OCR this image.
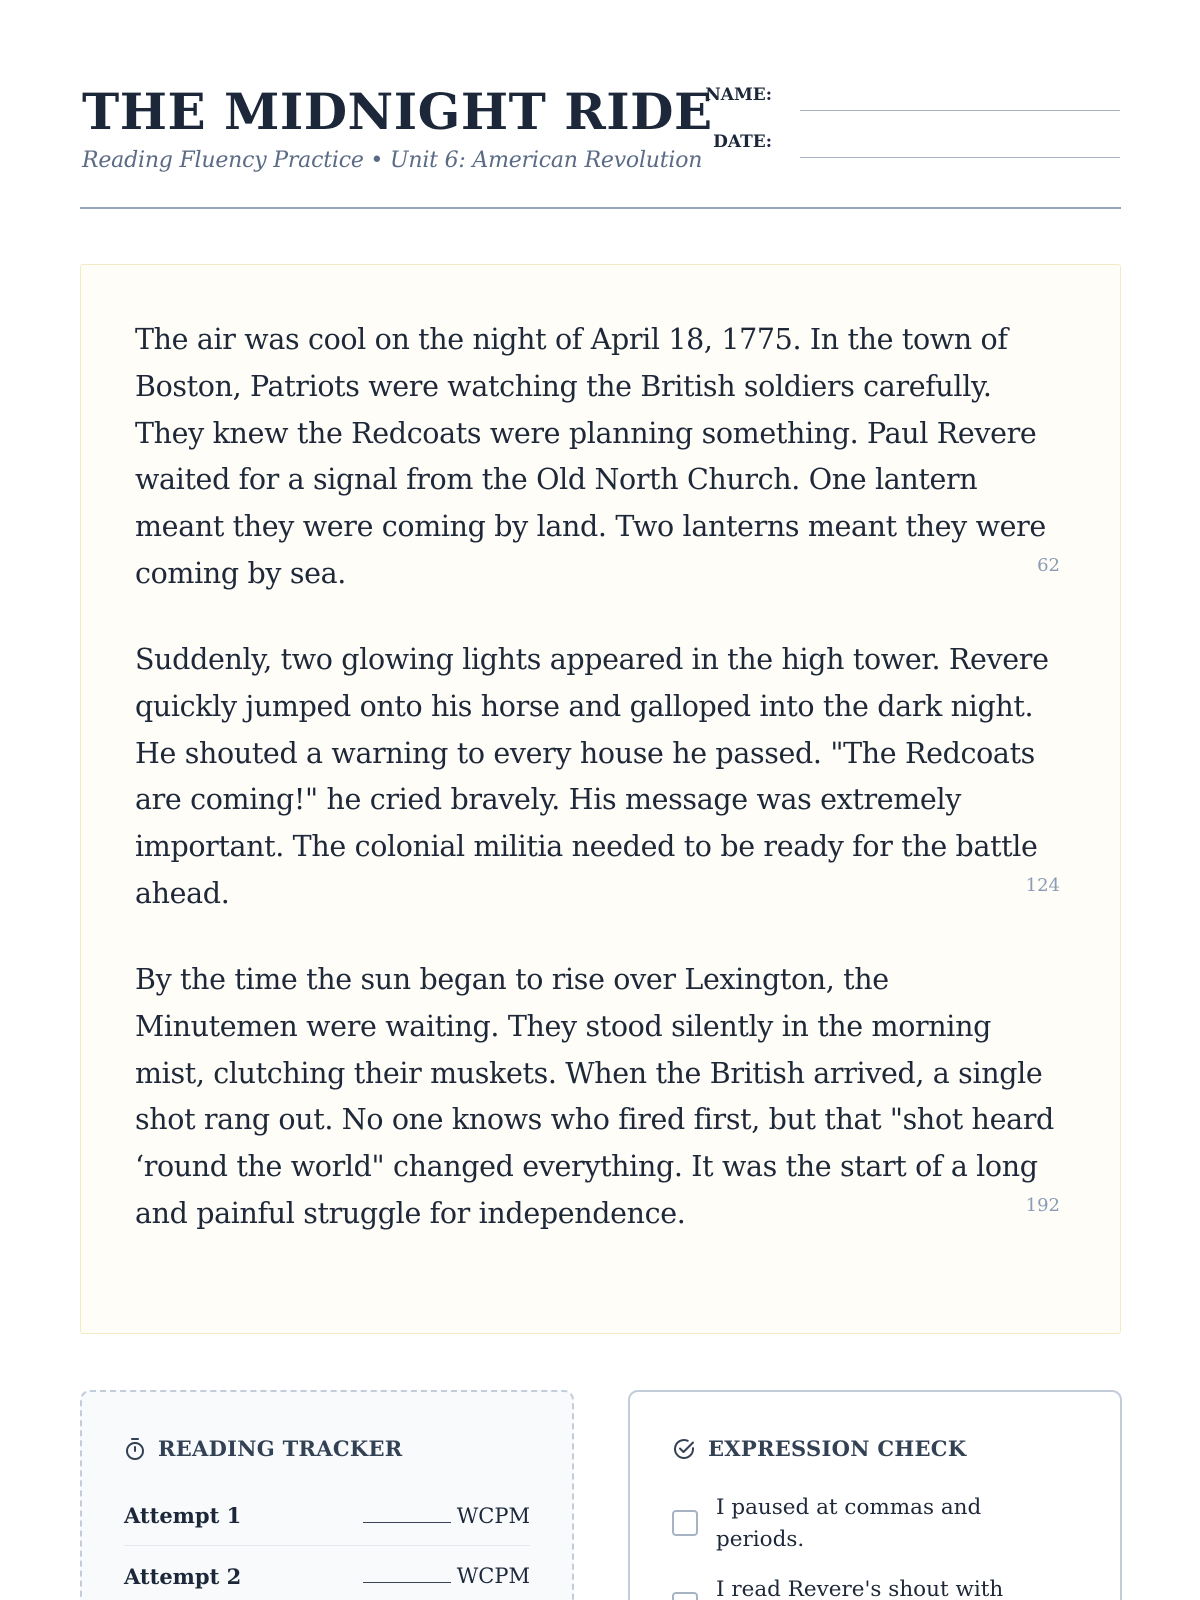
THE MIDNIGHT RIDE
Reading Fluency Practice • Unit 6: American Revolution
NAME:
DATE:
The air was cool on the night of April 18, 1775. In the town of
Boston, Patriots were watching the British soldiers carefully.
They knew the Redcoats were planning something. Paul Revere
waited for a signal from the Old North Church. One lantern
meant they were coming by land. Two lanterns meant they were
coming by sea.	62
Suddenly, two glowing lights appeared in the high tower. Revere
quickly jumped onto his horse and galloped into the dark night.
He shouted a warning to every house he passed. "The Redcoats
are coming!" he cried bravely. His message was extremely
important. The colonial militia needed to be ready for the battle
ahead.	124
By the time the sun began to rise over Lexington, the
Minutemen were waiting. They stood silently in the morning
mist, clutching their muskets. When the British arrived, a single
shot rang out. No one knows who fired first, but that "shot heard
‘round the world" changed everything. It was the start of a long
and painful struggle for independence.	192
READING TRACKER
Attempt 1	WCPM
Attempt 2	WCPM
EXPRESSION CHECK
I paused at commas and
periods.
I read Revere's shout with
